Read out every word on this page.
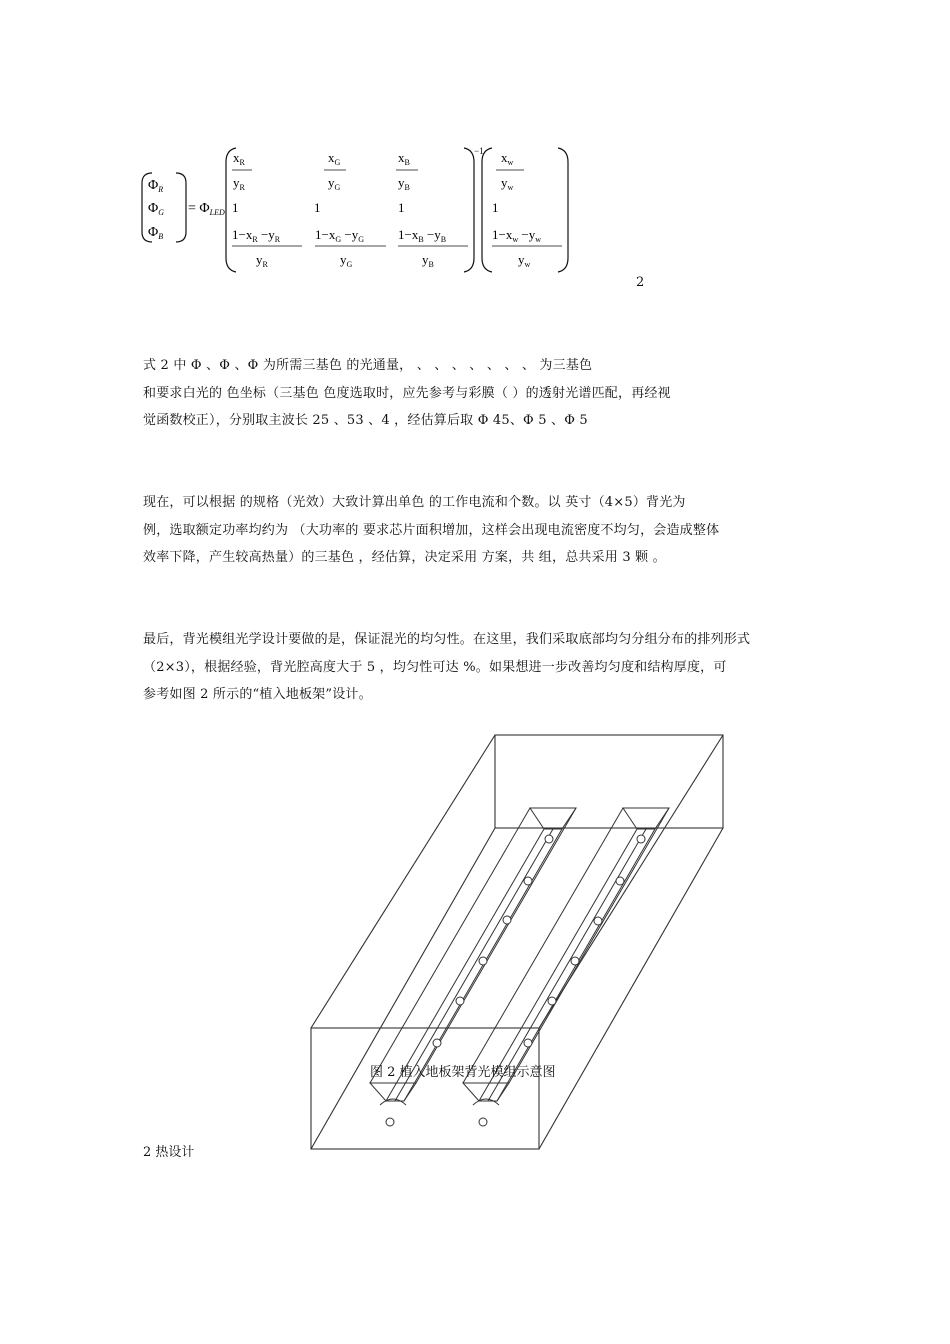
$\Phi_R$
$\Phi_G$
$\Phi_B$
= $\Phi_{LED}$
−1
$x_R$
$y_R$
$x_G$
$y_G$
$x_B$
$y_B$
1	1	1
$1-x_R -y_R$
$y_R$
$1-x_G -y_G$
$y_G$
$1-x_B -y_B$
$y_B$
$x_w$
$y_w$
1
$1-x_w -y_w$
$y_w$
2
式 2 中 Φ 、Φ 、Φ 为所需三基色 的光通量， 、 、 、 、 、 、 、 为三基色
和要求白光的 色坐标（三基色 色度选取时，应先参考与彩膜（ ）的透射光谱匹配，再经视
觉函数校正），分别取主波长 25 、53 、4 ，经估算后取 Φ 45、Φ 5 、Φ 5
现在，可以根据 的规格（光效）大致计算出单色 的工作电流和个数。以 英寸（4×5）背光为
例，选取额定功率均约为 （大功率的 要求芯片面积增加，这样会出现电流密度不均匀，会造成整体
效率下降，产生较高热量）的三基色 ，经估算，决定采用 方案，共 组，总共采用 3 颗 。
最后，背光模组光学设计要做的是，保证混光的均匀性。在这里，我们采取底部均匀分组分布的排列形式
（2×3），根据经验，背光腔高度大于 5 ，均匀性可达 %。如果想进一步改善均匀度和结构厚度，可
参考如图 2 所示的“植入地板架”设计。
图 2 植入地板架背光模组示意图
2 热设计
